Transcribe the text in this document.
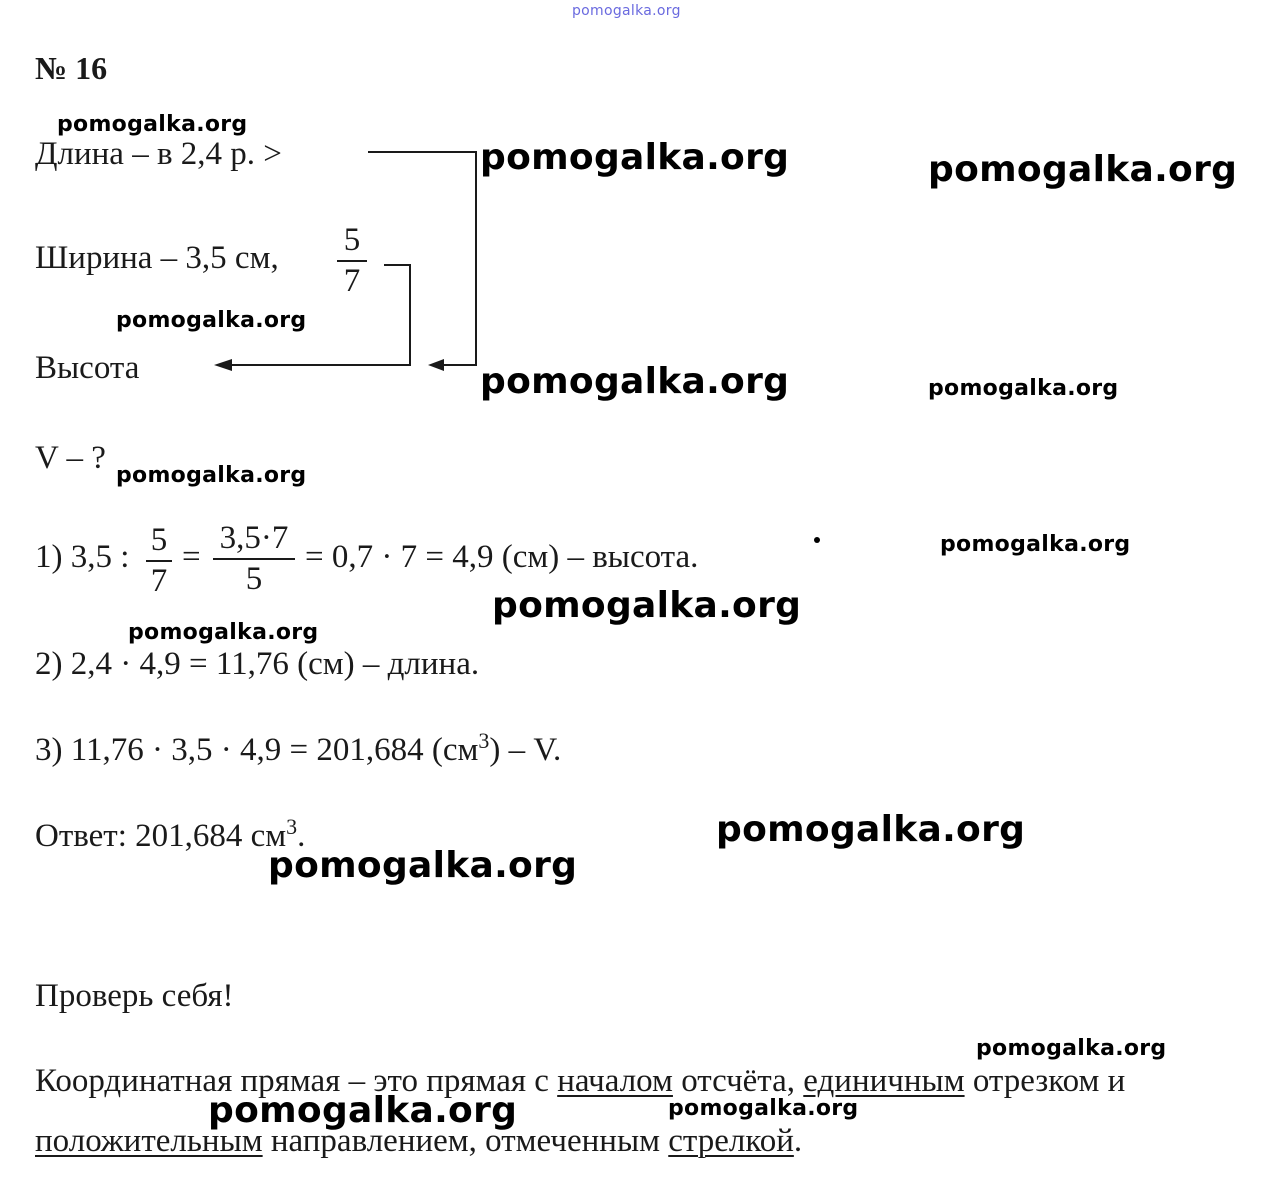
pomogalka.org
№ 16
Длина – в 2,4 р. >
Ширина – 3,5 см, 5
7
Высота
V – ?
1) 3,5 : 5
7
=
3,5·7
5
= 0,7 · 7 = 4,9 (см) – высота.
2) 2,4 · 4,9 = 11,76 (см) – длина.
3) 11,76 · 3,5 · 4,9 = 201,684 $(см^3)$ – V.
Ответ: 201,684 $см^3$.
Проверь себя!
Координатная прямая – это прямая с началом отсчёта, единичным отрезком и
положительным направлением, отмеченным стрелкой.
pomogalka.org
pomogalka.org	pomogalka.org
pomogalka.org
pomogalka.org	pomogalka.org
pomogalka.org
pomogalka.org
pomogalka.org
pomogalka.org
pomogalka.org
pomogalka.org
pomogalka.org
pomogalka.org	pomogalka.org
